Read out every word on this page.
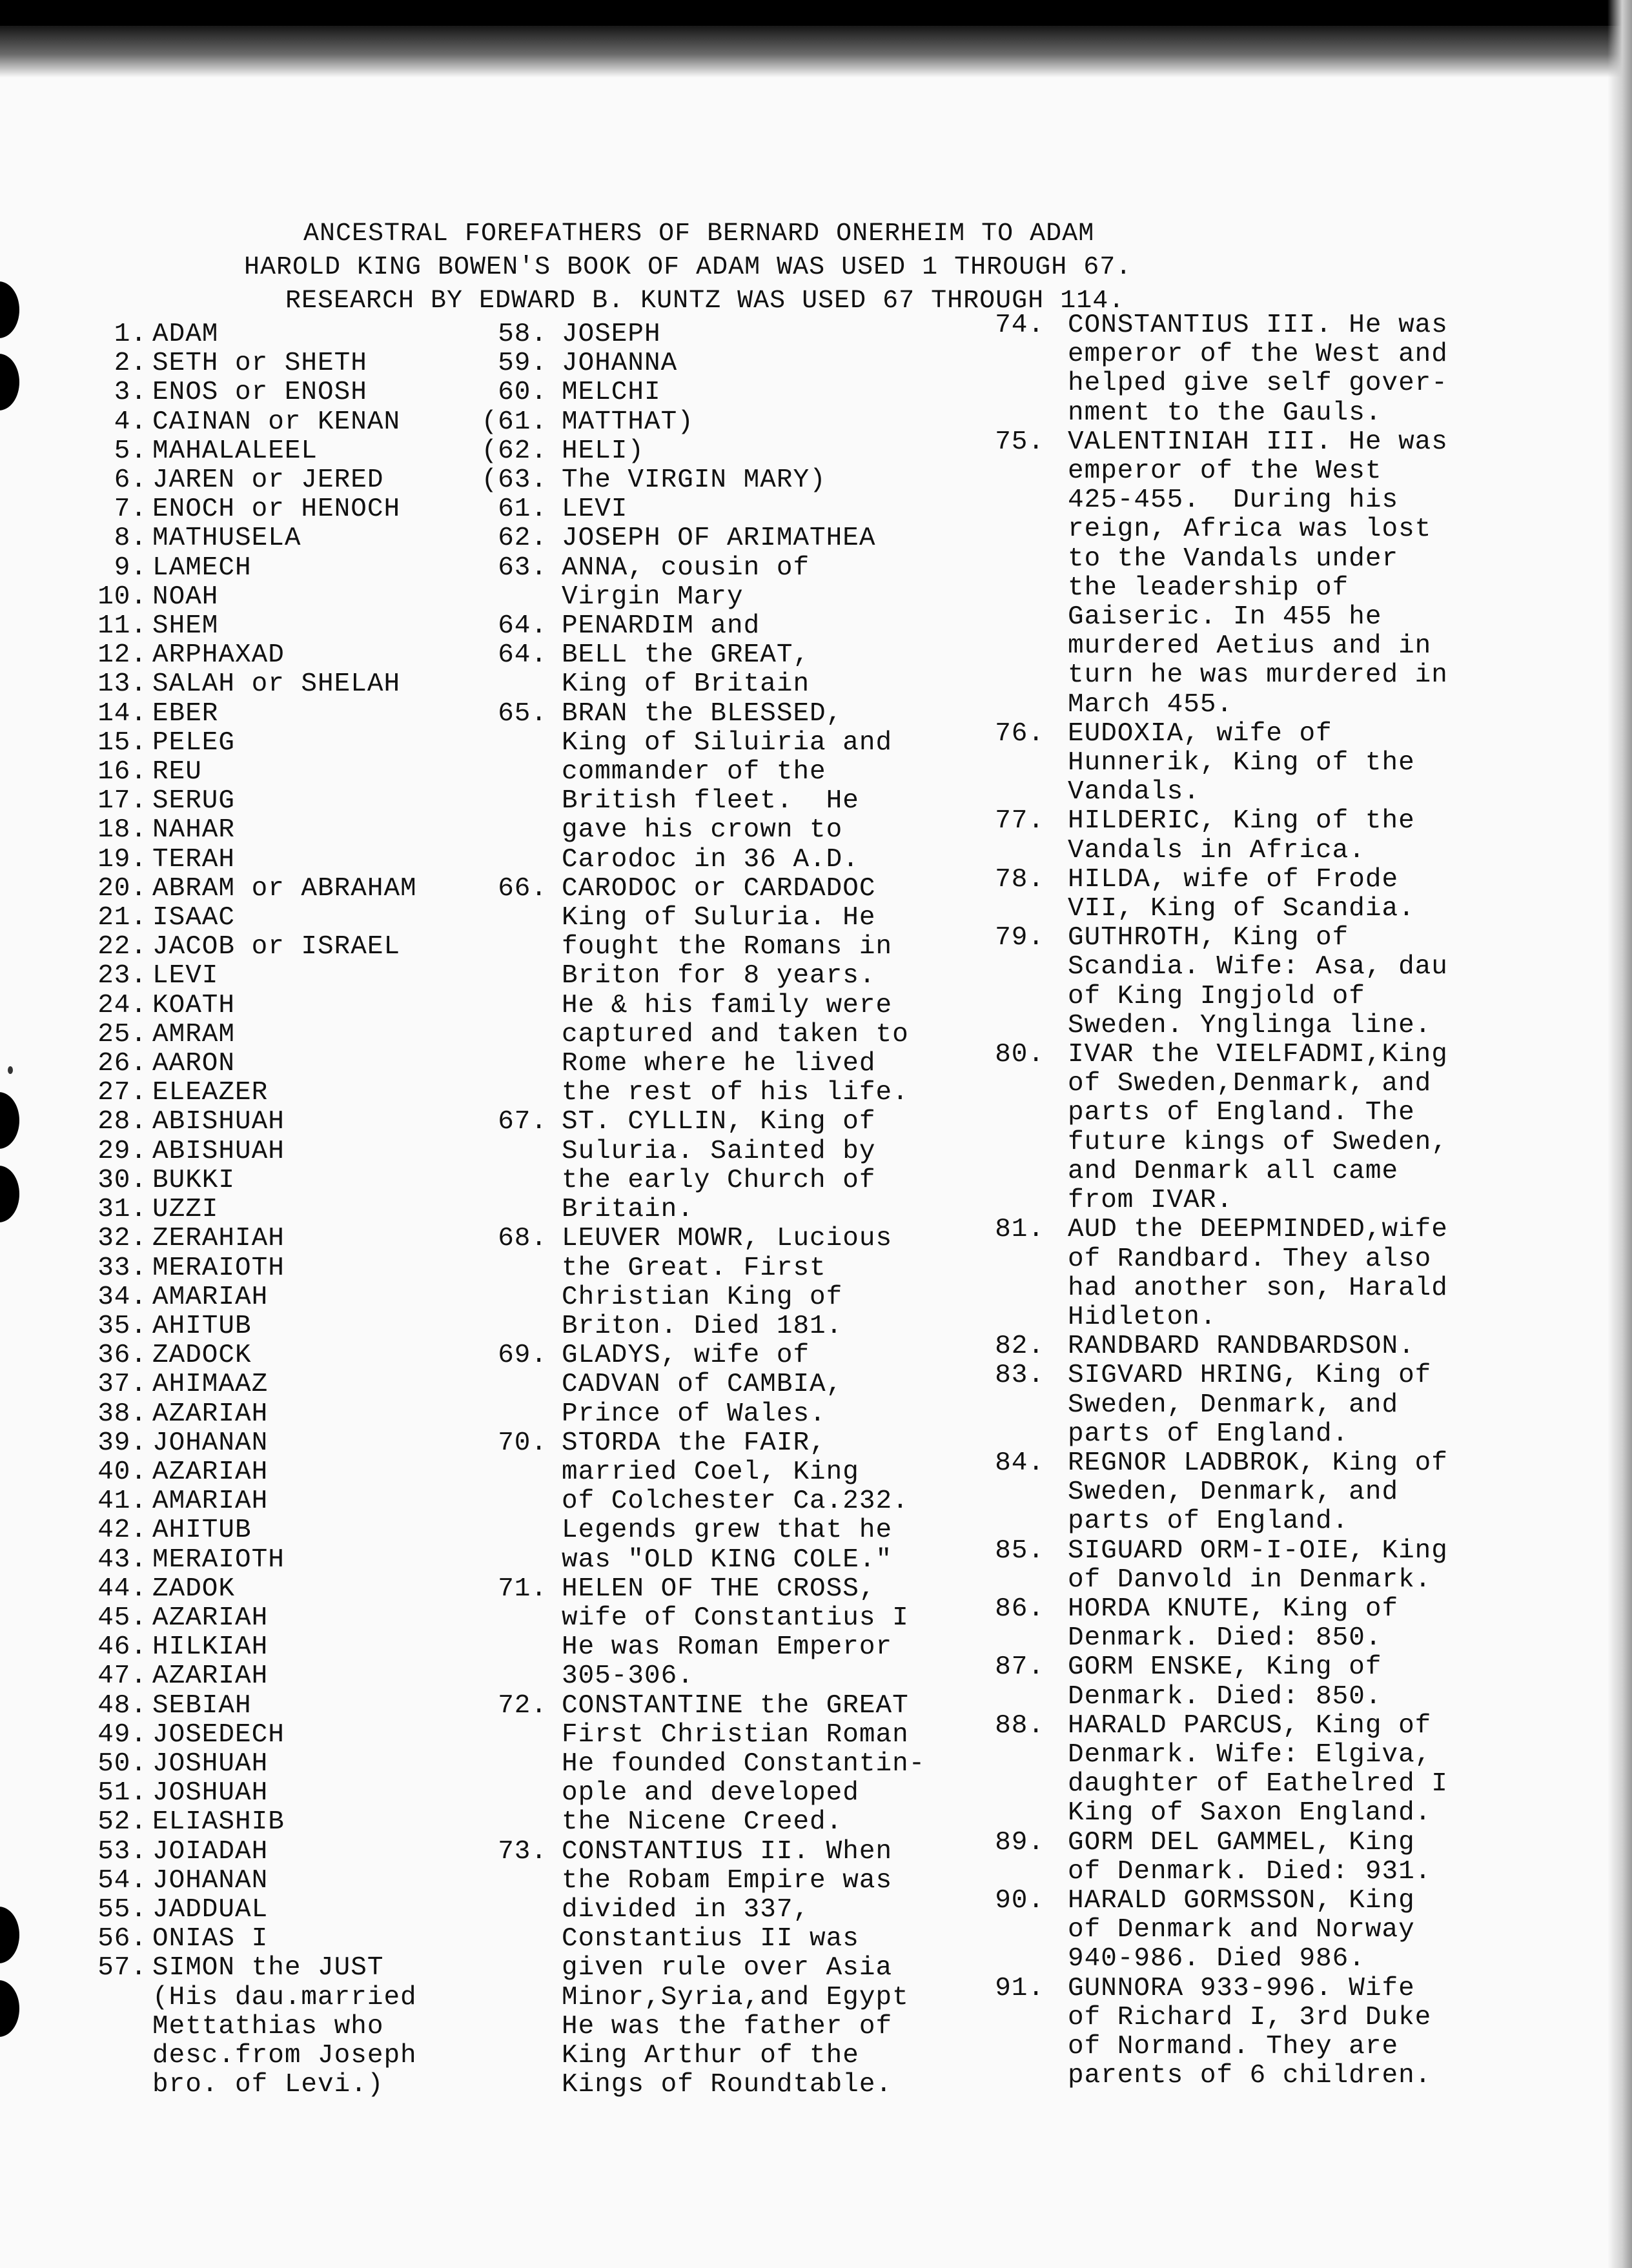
ANCESTRAL FOREFATHERS OF BERNARD ONERHEIM TO ADAM
HAROLD KING BOWEN'S BOOK OF ADAM WAS USED 1 THROUGH 67.
RESEARCH BY EDWARD B. KUNTZ WAS USED 67 THROUGH 114.
1. ADAM
2. SETH or SHETH
3. ENOS or ENOSH
4. CAINAN or KENAN
5. MAHALALEEL
6. JAREN or JERED
7. ENOCH or HENOCH
8. MATHUSELA
9. LAMECH
10. NOAH
11. SHEM
12. ARPHAXAD
13. SALAH or SHELAH
14. EBER
15. PELEG
16. REU
17. SERUG
18. NAHAR
19. TERAH
20. ABRAM or ABRAHAM
21. ISAAC
22. JACOB or ISRAEL
23. LEVI
24. KOATH
25. AMRAM
26. AARON
27. ELEAZER
28. ABISHUAH
29. ABISHUAH
30. BUKKI
31. UZZI
32. ZERAHIAH
33. MERAIOTH
34. AMARIAH
35. AHITUB
36. ZADOCK
37. AHIMAAZ
38. AZARIAH
39. JOHANAN
40. AZARIAH
41. AMARIAH
42. AHITUB
43. MERAIOTH
44. ZADOK
45. AZARIAH
46. HILKIAH
47. AZARIAH
48. SEBIAH
49. JOSEDECH
50. JOSHUAH
51. JOSHUAH
52. ELIASHIB
53. JOIADAH
54. JOHANAN
55. JADDUAL
56. ONIAS I
57. SIMON the JUST
(His dau.married
Mettathias who
desc.from Joseph
bro. of Levi.)
58. JOSEPH
59. JOHANNA
60. MELCHI
(61. MATTHAT)
(62. HELI)
(63. The VIRGIN MARY)
61. LEVI
62. JOSEPH OF ARIMATHEA
63. ANNA, cousin of
Virgin Mary
64. PENARDIM and
64. BELL the GREAT,
King of Britain
65. BRAN the BLESSED,
King of Siluiria and
commander of the
British fleet.  He
gave his crown to
Carodoc in 36 A.D.
66. CARODOC or CARDADOC
King of Suluria. He
fought the Romans in
Briton for 8 years.
He & his family were
captured and taken to
Rome where he lived
the rest of his life.
67. ST. CYLLIN, King of
Suluria. Sainted by
the early Church of
Britain.
68. LEUVER MOWR, Lucious
the Great. First
Christian King of
Briton. Died 181.
69. GLADYS, wife of
CADVAN of CAMBIA,
Prince of Wales.
70. STORDA the FAIR,
married Coel, King
of Colchester Ca.232.
Legends grew that he
was "OLD KING COLE."
71. HELEN OF THE CROSS,
wife of Constantius I
He was Roman Emperor
305-306.
72. CONSTANTINE the GREAT
First Christian Roman
He founded Constantin-
ople and developed
the Nicene Creed.
73. CONSTANTIUS II. When
the Robam Empire was
divided in 337,
Constantius II was
given rule over Asia
Minor,Syria,and Egypt
He was the father of
King Arthur of the
Kings of Roundtable.
74. CONSTANTIUS III. He was
emperor of the West and
helped give self gover-
nment to the Gauls.
75. VALENTINIAH III. He was
emperor of the West
425-455.  During his
reign, Africa was lost
to the Vandals under
the leadership of
Gaiseric. In 455 he
murdered Aetius and in
turn he was murdered in
March 455.
76. EUDOXIA, wife of
Hunnerik, King of the
Vandals.
77. HILDERIC, King of the
Vandals in Africa.
78. HILDA, wife of Frode
VII, King of Scandia.
79. GUTHROTH, King of
Scandia. Wife: Asa, dau
of King Ingjold of
Sweden. Ynglinga line.
80. IVAR the VIELFADMI,King
of Sweden,Denmark, and
parts of England. The
future kings of Sweden,
and Denmark all came
from IVAR.
81. AUD the DEEPMINDED,wife
of Randbard. They also
had another son, Harald
Hidleton.
82. RANDBARD RANDBARDSON.
83. SIGVARD HRING, King of
Sweden, Denmark, and
parts of England.
84. REGNOR LADBROK, King of
Sweden, Denmark, and
parts of England.
85. SIGUARD ORM-I-OIE, King
of Danvold in Denmark.
86. HORDA KNUTE, King of
Denmark. Died: 850.
87. GORM ENSKE, King of
Denmark. Died: 850.
88. HARALD PARCUS, King of
Denmark. Wife: Elgiva,
daughter of Eathelred I
King of Saxon England.
89. GORM DEL GAMMEL, King
of Denmark. Died: 931.
90. HARALD GORMSSON, King
of Denmark and Norway
940-986. Died 986.
91. GUNNORA 933-996. Wife
of Richard I, 3rd Duke
of Normand. They are
parents of 6 children.
